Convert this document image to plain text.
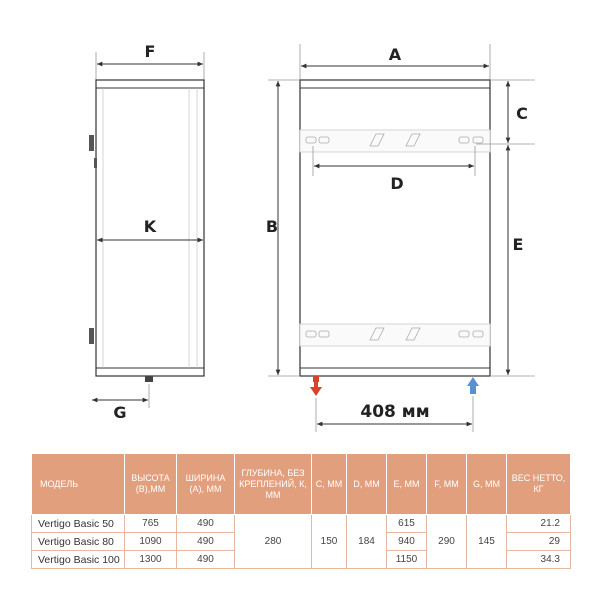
F
K
G
A
D
B
C
E
408 мм
МОДЕЛЬ	ВЫСОТА (В),ММ	ШИРИНА (А), ММ	ГЛУБИНА, БЕЗ КРЕПЛЕНИЙ, К, ММ	С, ММ	D, ММ	E, ММ	F, ММ	G, ММ	ВЕС НЕТТО, КГ
Vertigo Basic 50	765	490	280	150	184	615	290	145	21.2
Vertigo Basic 80	1090	490				940			29
Vertigo Basic 100	1300	490				1150			34.3
